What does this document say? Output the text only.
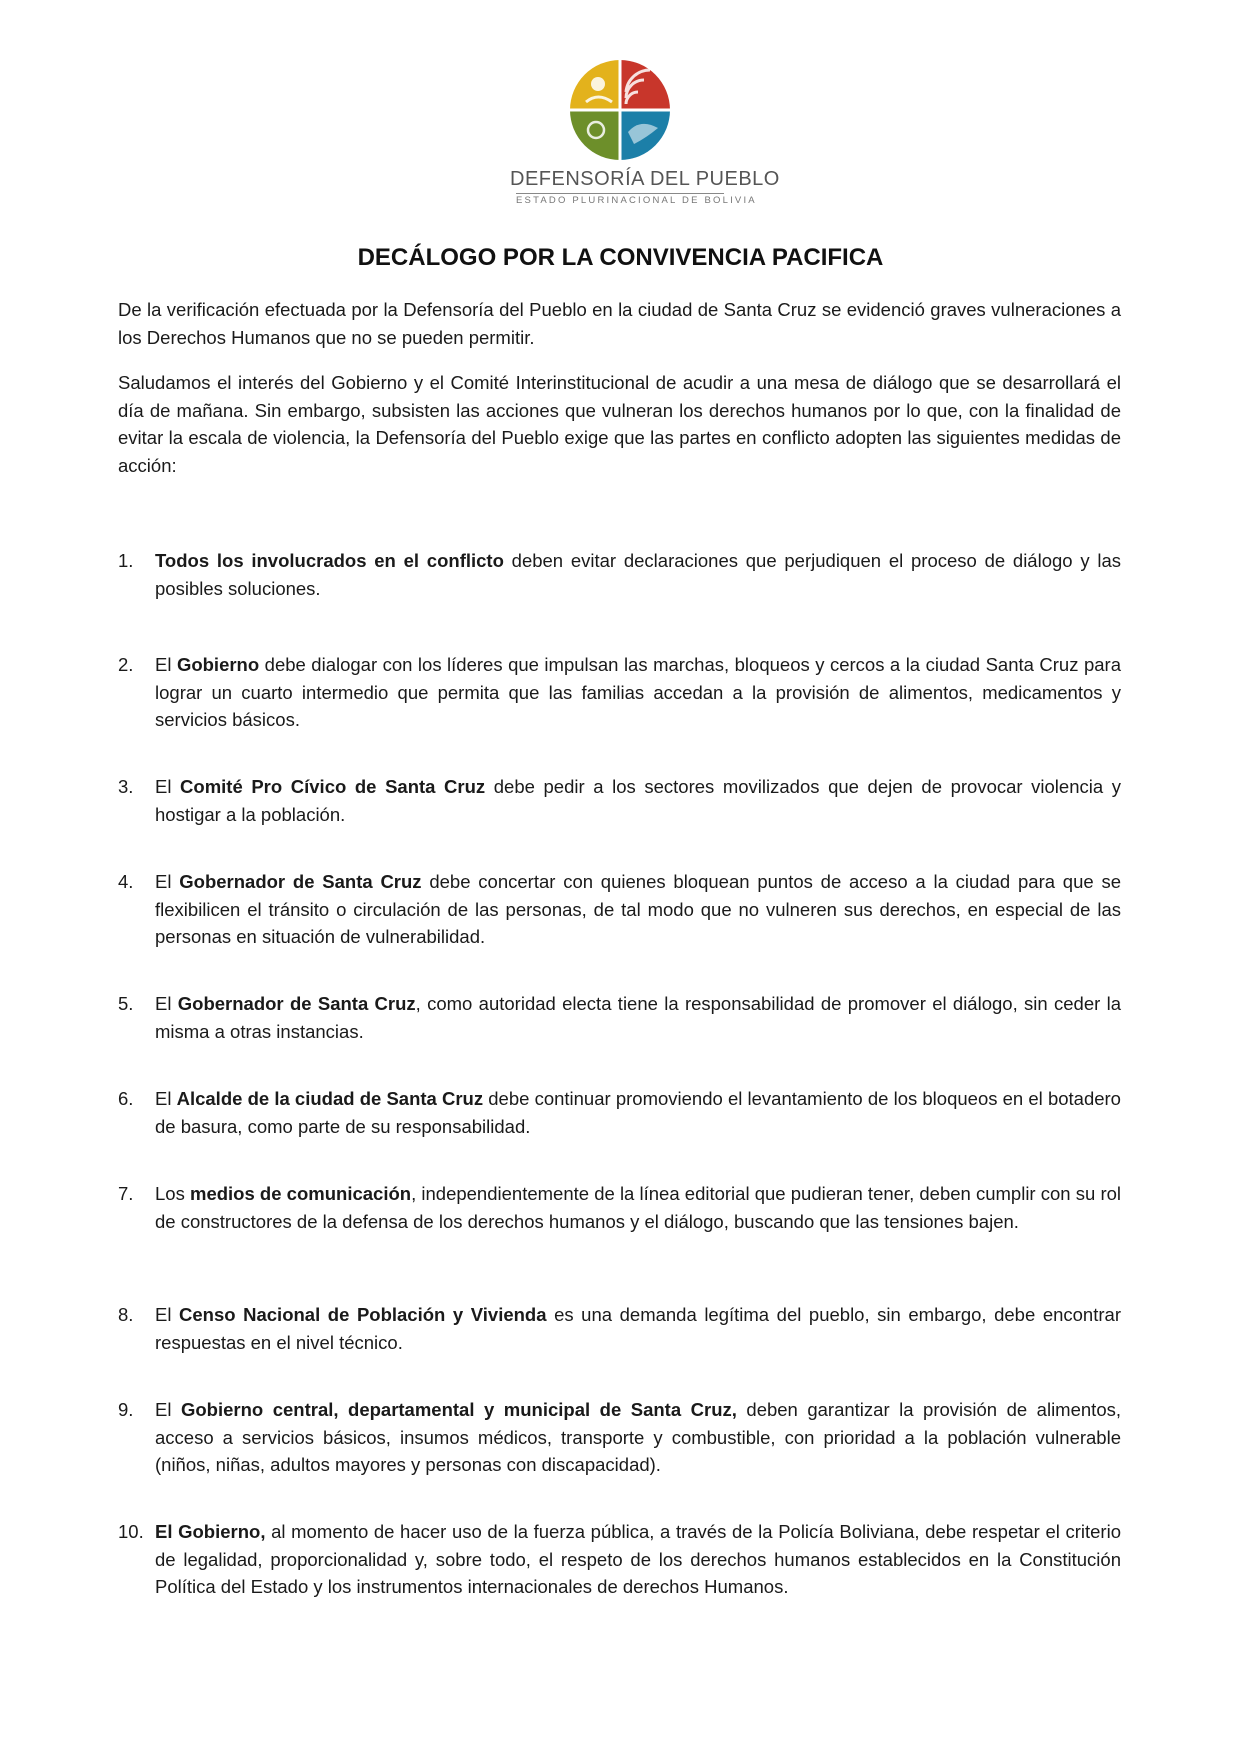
DEFENSORÍA DEL PUEBLO
ESTADO PLURINACIONAL DE BOLIVIA
DECÁLOGO POR LA CONVIVENCIA PACIFICA
De la verificación efectuada por la Defensoría del Pueblo en la ciudad de Santa Cruz se evidenció graves vulneraciones a los Derechos Humanos que no se pueden permitir.
Saludamos el interés del Gobierno y el Comité Interinstitucional de acudir a una mesa de diálogo que se desarrollará el día de mañana. Sin embargo, subsisten las acciones que vulneran los derechos humanos por lo que, con la finalidad de evitar la escala de violencia, la Defensoría del Pueblo exige que las partes en conflicto adopten las siguientes medidas de acción:
1.	Todos los involucrados en el conflicto deben evitar declaraciones que perjudiquen el proceso de diálogo y las posibles soluciones.
2.	El Gobierno debe dialogar con los líderes que impulsan las marchas, bloqueos y cercos a la ciudad Santa Cruz para lograr un cuarto intermedio que permita que las familias accedan a la provisión de alimentos, medicamentos y servicios básicos.
3.	El Comité Pro Cívico de Santa Cruz debe pedir a los sectores movilizados que dejen de provocar violencia y hostigar a la población.
4.	El Gobernador de Santa Cruz debe concertar con quienes bloquean puntos de acceso a la ciudad para que se flexibilicen el tránsito o circulación de las personas, de tal modo que no vulneren sus derechos, en especial de las personas en situación de vulnerabilidad.
5.	El Gobernador de Santa Cruz, como autoridad electa tiene la responsabilidad de promover el diálogo, sin ceder la misma a otras instancias.
6.	El Alcalde de la ciudad de Santa Cruz debe continuar promoviendo el levantamiento de los bloqueos en el botadero de basura, como parte de su responsabilidad.
7.	Los medios de comunicación, independientemente de la línea editorial que pudieran tener, deben cumplir con su rol de constructores de la defensa de los derechos humanos y el diálogo, buscando que las tensiones bajen.
8.	El Censo Nacional de Población y Vivienda es una demanda legítima del pueblo, sin embargo, debe encontrar respuestas en el nivel técnico.
9.	El Gobierno central, departamental y municipal de Santa Cruz, deben garantizar la provisión de alimentos, acceso a servicios básicos, insumos médicos, transporte y combustible, con prioridad a la población vulnerable (niños, niñas, adultos mayores y personas con discapacidad).
10. El Gobierno, al momento de hacer uso de la fuerza pública, a través de la Policía Boliviana, debe respetar el criterio de legalidad, proporcionalidad y, sobre todo, el respeto de los derechos humanos establecidos en la Constitución Política del Estado y los instrumentos internacionales de derechos Humanos.
